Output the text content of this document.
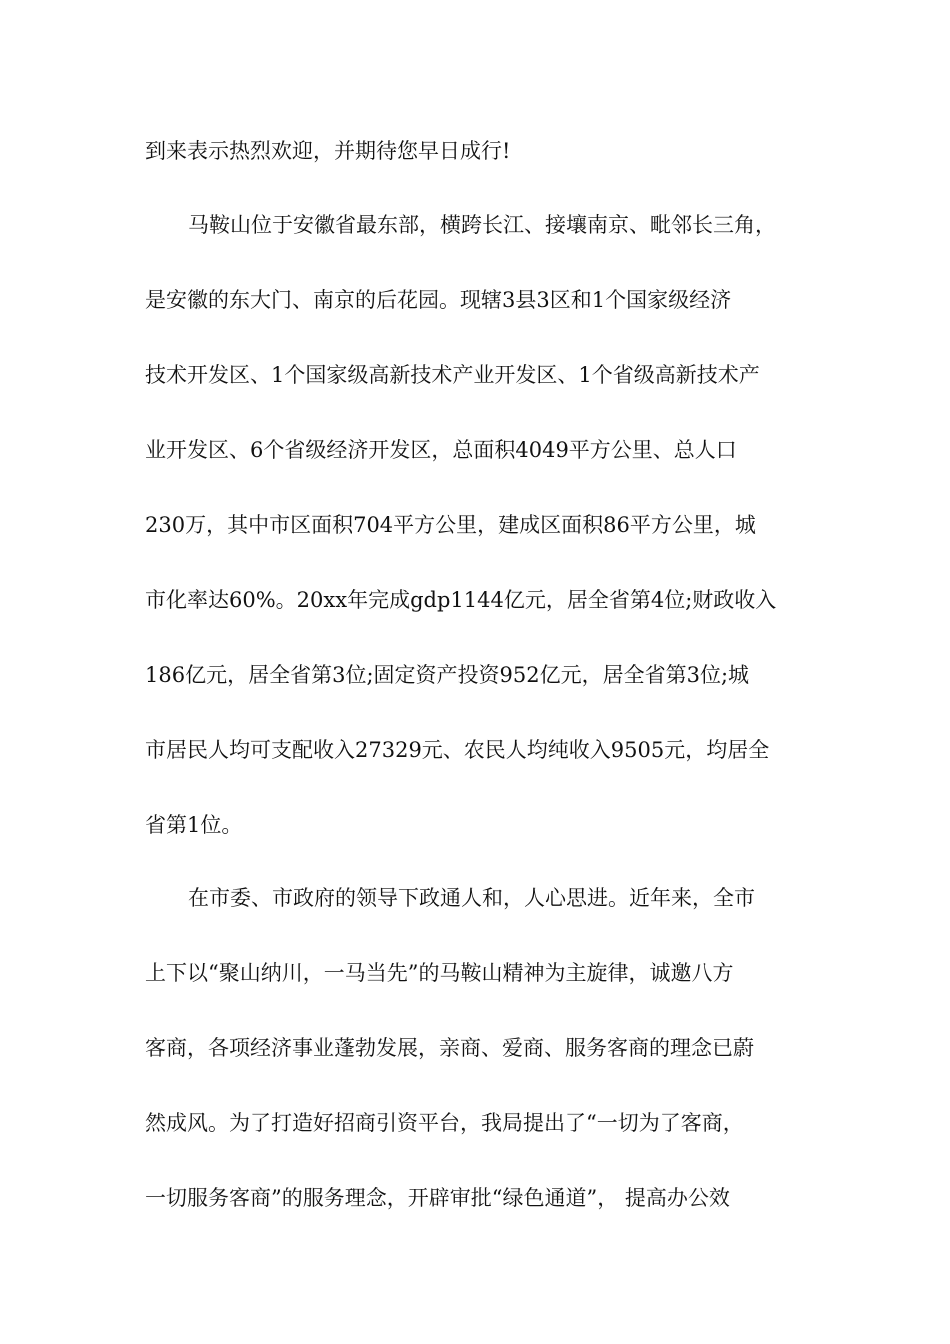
到来表示热烈欢迎，并期待您早日成行!
马鞍山位于安徽省最东部，横跨长江、接壤南京、毗邻长三角，
是安徽的东大门、南京的后花园。现辖3县3区和1个国家级经济
技术开发区、1个国家级高新技术产业开发区、1个省级高新技术产
业开发区、6个省级经济开发区，总面积4049平方公里、总人口
230万，其中市区面积704平方公里，建成区面积86平方公里，城
市化率达60%。20xx年完成gdp1144亿元，居全省第4位;财政收入
186亿元，居全省第3位;固定资产投资952亿元，居全省第3位;城
市居民人均可支配收入27329元、农民人均纯收入9505元，均居全
省第1位。
在市委、市政府的领导下政通人和，人心思进。近年来，全市
上下以“聚山纳川，一马当先”的马鞍山精神为主旋律，诚邀八方
客商，各项经济事业蓬勃发展，亲商、爱商、服务客商的理念已蔚
然成风。为了打造好招商引资平台，我局提出了“一切为了客商，
一切服务客商”的服务理念，开辟审批“绿色通道”， 提高办公效
